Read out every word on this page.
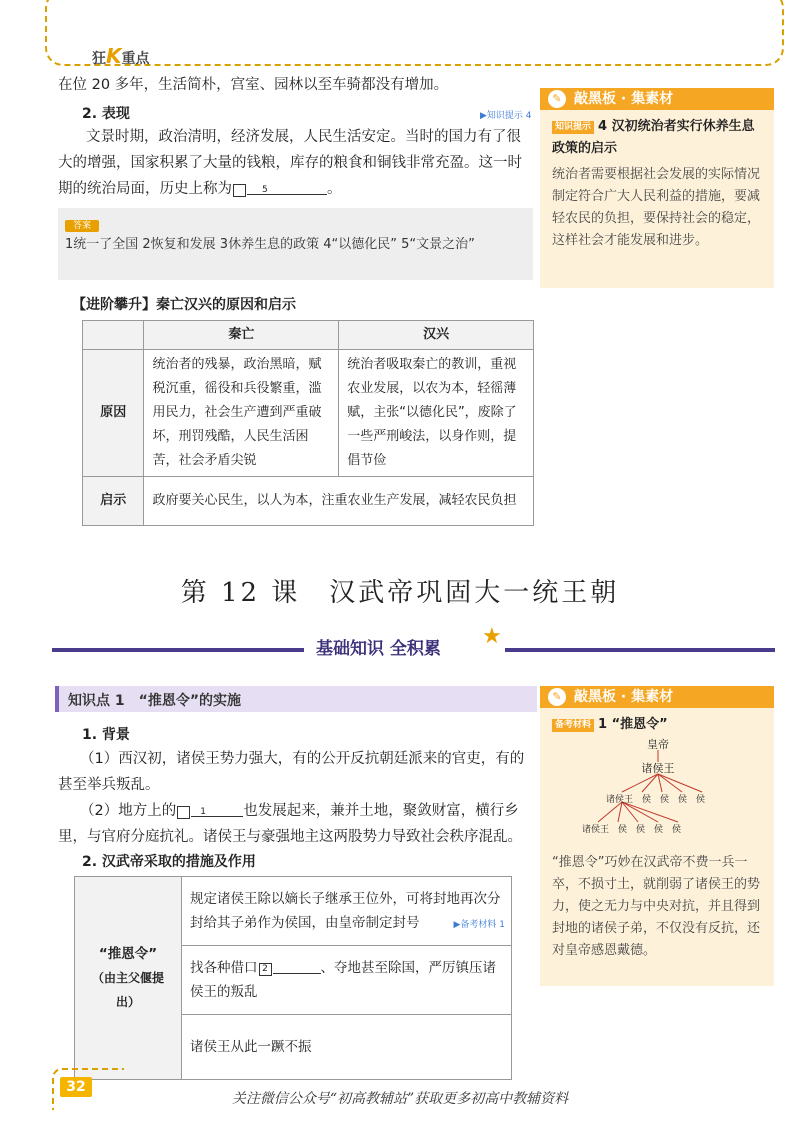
狂K重点
在位 20 多年，生活简朴，宫室、园林以至车骑都没有增加。
2. 表现	▶知识提示 4
文景时期，政治清明，经济发展，人民生活安定。当时的国力有了很大的增强，国家积累了大量的钱粮，库存的粮食和铜钱非常充盈。这一时期的统治局面，历史上称为	5	。
答案
1统一了全国 2恢复和发展 3休养生息的政策 4“以德化民” 5“文景之治”
【进阶攀升】秦亡汉兴的原因和启示
	秦亡	汉兴
原因	统治者的残暴，政治黑暗，赋税沉重，徭役和兵役繁重，滥用民力，社会生产遭到严重破坏，刑罚残酷，人民生活困苦，社会矛盾尖锐	统治者吸取秦亡的教训，重视农业发展，以农为本，轻徭薄赋，主张“以德化民”，废除了一些严刑峻法，以身作则，提倡节俭
启示	政府要关心民生，以人为本，注重农业生产发展，减轻农民负担	
✎ 敲黑板 · 集素材
知识提示 4 汉初统治者实行休养生息政策的启示
统治者需要根据社会发展的实际情况制定符合广大人民利益的措施，要减轻农民的负担，要保持社会的稳定，这样社会才能发展和进步。
第 12 课　汉武帝巩固大一统王朝
基础知识 全积累 ★
知识点 1　“推恩令”的实施
1. 背景
（1）西汉初，诸侯王势力强大，有的公开反抗朝廷派来的官吏，有的甚至举兵叛乱。
（2）地方上的	1	也发展起来，兼并土地，聚敛财富，横行乡里，与官府分庭抗礼。诸侯王与豪强地主这两股势力导致社会秩序混乱。
2. 汉武帝采取的措施及作用
“推恩令”
（由主父偃提出）
	规定诸侯王除以嫡长子继承王位外，可将封地再次分封给其子弟作为侯国，由皇帝制定封号	▶备考材料 1

找各种借口 2	、夺地甚至除国，严厉镇压诸侯王的叛乱
诸侯王从此一蹶不振
✎ 敲黑板 · 集素材
备考材料 1 “推恩令”
皇帝
诸侯王
诸侯王　侯　侯　侯　侯
诸侯王　侯　侯　侯　侯
“推恩令”巧妙在汉武帝不费一兵一卒，不损寸土，就削弱了诸侯王的势力，使之无力与中央对抗，并且得到封地的诸侯子弟，不仅没有反抗，还对皇帝感恩戴德。
32
关注微信公众号“初高教辅站”获取更多初高中教辅资料
